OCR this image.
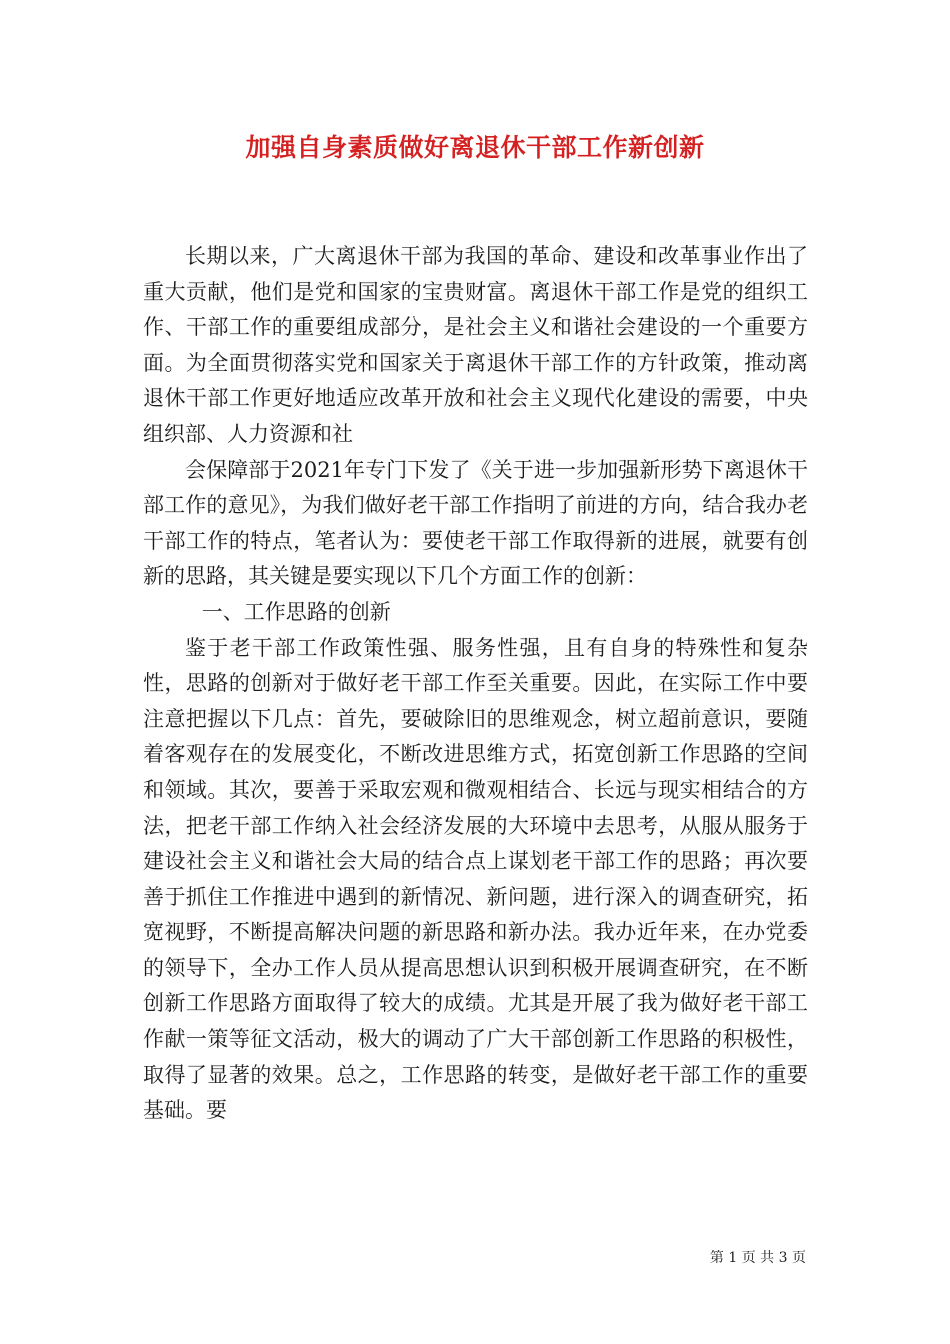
加强自身素质做好离退休干部工作新创新

长期以来，广大离退休干部为我国的革命、建设和改革事业作出了重大贡献，他们是党和国家的宝贵财富。离退休干部工作是党的组织工作、干部工作的重要组成部分，是社会主义和谐社会建设的一个重要方面。为全面贯彻落实党和国家关于离退休干部工作的方针政策，推动离退休干部工作更好地适应改革开放和社会主义现代化建设的需要，中央组织部、人力资源和社

会保障部于2021年专门下发了《关于进一步加强新形势下离退休干部工作的意见》，为我们做好老干部工作指明了前进的方向，结合我办老干部工作的特点，笔者认为：要使老干部工作取得新的进展，就要有创新的思路，其关键是要实现以下几个方面工作的创新：

一、工作思路的创新

鉴于老干部工作政策性强、服务性强，且有自身的特殊性和复杂性，思路的创新对于做好老干部工作至关重要。因此，在实际工作中要注意把握以下几点：首先，要破除旧的思维观念，树立超前意识，要随着客观存在的发展变化，不断改进思维方式，拓宽创新工作思路的空间和领域。其次，要善于采取宏观和微观相结合、长远与现实相结合的方法，把老干部工作纳入社会经济发展的大环境中去思考，从服从服务于建设社会主义和谐社会大局的结合点上谋划老干部工作的思路；再次要善于抓住工作推进中遇到的新情况、新问题，进行深入的调查研究，拓宽视野，不断提高解决问题的新思路和新办法。我办近年来，在办党委的领导下，全办工作人员从提高思想认识到积极开展调查研究，在不断创新工作思路方面取得了较大的成绩。尤其是开展了我为做好老干部工作献一策等征文活动，极大的调动了广大干部创新工作思路的积极性，取得了显著的效果。总之，工作思路的转变，是做好老干部工作的重要基础。要

第 1 页 共 3 页
